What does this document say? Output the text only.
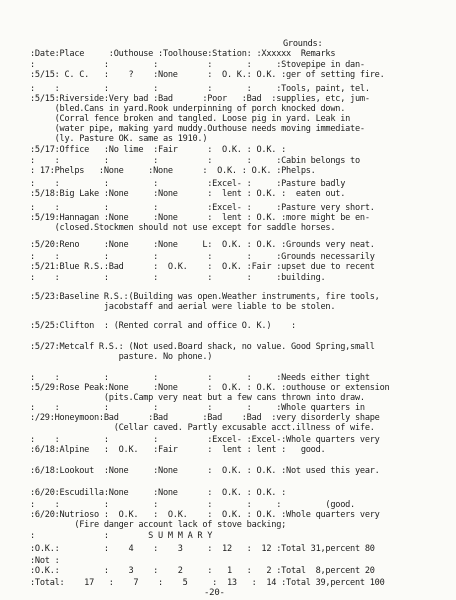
Grounds:
:Date:Place     :Outhouse :Toolhouse:Station: :Xxxxxx  Remarks
:              :         :          :       :     :Stovepipe in dan-
:5/15: C. C.   :    ?    :None      :  O. K.: O.K. :ger of setting fire.
:    :         :         :          :       :     :Tools, paint, tel.
:5/15:Riverside:Very bad :Bad      :Poor   :Bad  :supplies, etc, jum-
(bled.Cans in yard.Rook underpinning of porch knocked down.
(Corral fence broken and tangled. Loose pig in yard. Leak in
(water pipe, making yard muddy.Outhouse needs moving immediate-
(ly. Pasture OK. same as 1910.)
:5/17:Office   :No lime  :Fair      :  O.K. : O.K. :
:    :         :         :          :       :     :Cabin belongs to
: 17:Phelps   :None     :None      :  O.K. : O.K. :Phelps.
:    :         :         :          :Excel- :     :Pasture badly
:5/18:Big Lake :None     :None      :  lent : O.K. :  eaten out.
:    :         :         :          :Excel- :     :Pasture very short.
:5/19:Hannagan :None     :None      :  lent : O.K. :more might be en-
(closed.Stockmen should not use except for saddle horses.
:5/20:Reno     :None     :None     L:  O.K. : O.K. :Grounds very neat.
:    :         :         :          :       :     :Grounds necessarily
:5/21:Blue R.S.:Bad      :  O.K.    :  O.K. :Fair :upset due to recent
:    :         :         :          :       :     :building.
:5/23:Baseline R.S.:(Building was open.Weather instruments, fire tools,
jacobstaff and aerial were liable to be stolen.
:5/25:Clifton  : (Rented corral and office O. K.)    :
:5/27:Metcalf R.S.: (Not used.Board shack, no value. Good Spring,small
pasture. No phone.)
:    :         :         :          :       :     :Needs either tight
:5/29:Rose Peak:None     :None      :  O.K. : O.K. :outhouse or extension
(pits.Camp very neat but a few cans thrown into draw.
:    :         :         :          :       :     :Whole quarters in
:/29:Honeymoon:Bad      :Bad       :Bad    :Bad  :very disorderly shape
(Cellar caved. Partly excusable acct.illness of wife.
:    :         :         :          :Excel- :Excel-:Whole quarters very
:6/18:Alpine   :  O.K.   :Fair      :  lent : lent :   good.
:6/18:Lookout  :None     :None      :  O.K. : O.K. :Not used this year.
:6/20:Escudilla:None     :None      :  O.K. : O.K. :
:    :         :         :          :       :     :         (good.
:6/20:Nutrioso :  O.K.   :  O.K.    :  O.K. : O.K. :Whole quarters very
(Fire danger account lack of stove backing;
:              :        S U M M A R Y
:O.K.:         :    4    :    3     :  12   :  12 :Total 31,percent 80
:Not :
:O.K.:         :    3    :    2     :   1   :   2 :Total  8,percent 20
:Total:    17   :    7    :    5     :  13   :  14 :Total 39,percent 100
-20-
